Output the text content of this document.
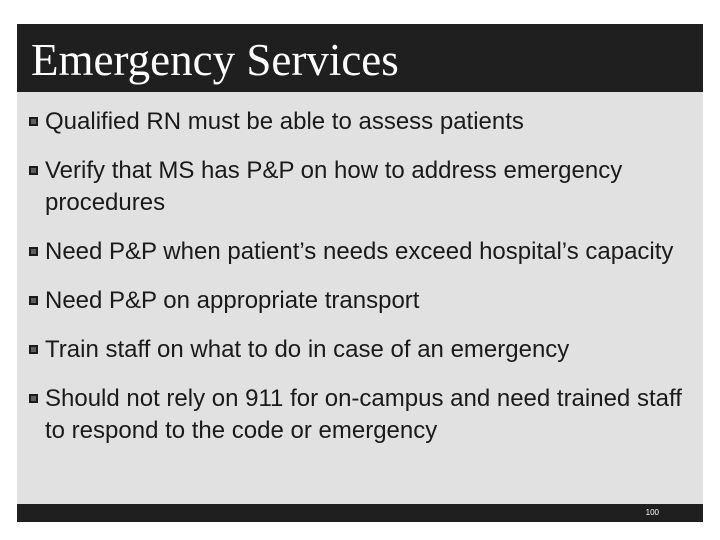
Emergency Services
Qualified RN must be able to assess patients
Verify that MS has P&P on how to address emergency procedures
Need P&P when patient’s needs exceed hospital’s capacity
Need P&P on appropriate transport
Train staff on what to do in case of an emergency
Should not rely on 911 for on-campus and need trained staff to respond to the code or emergency
100
